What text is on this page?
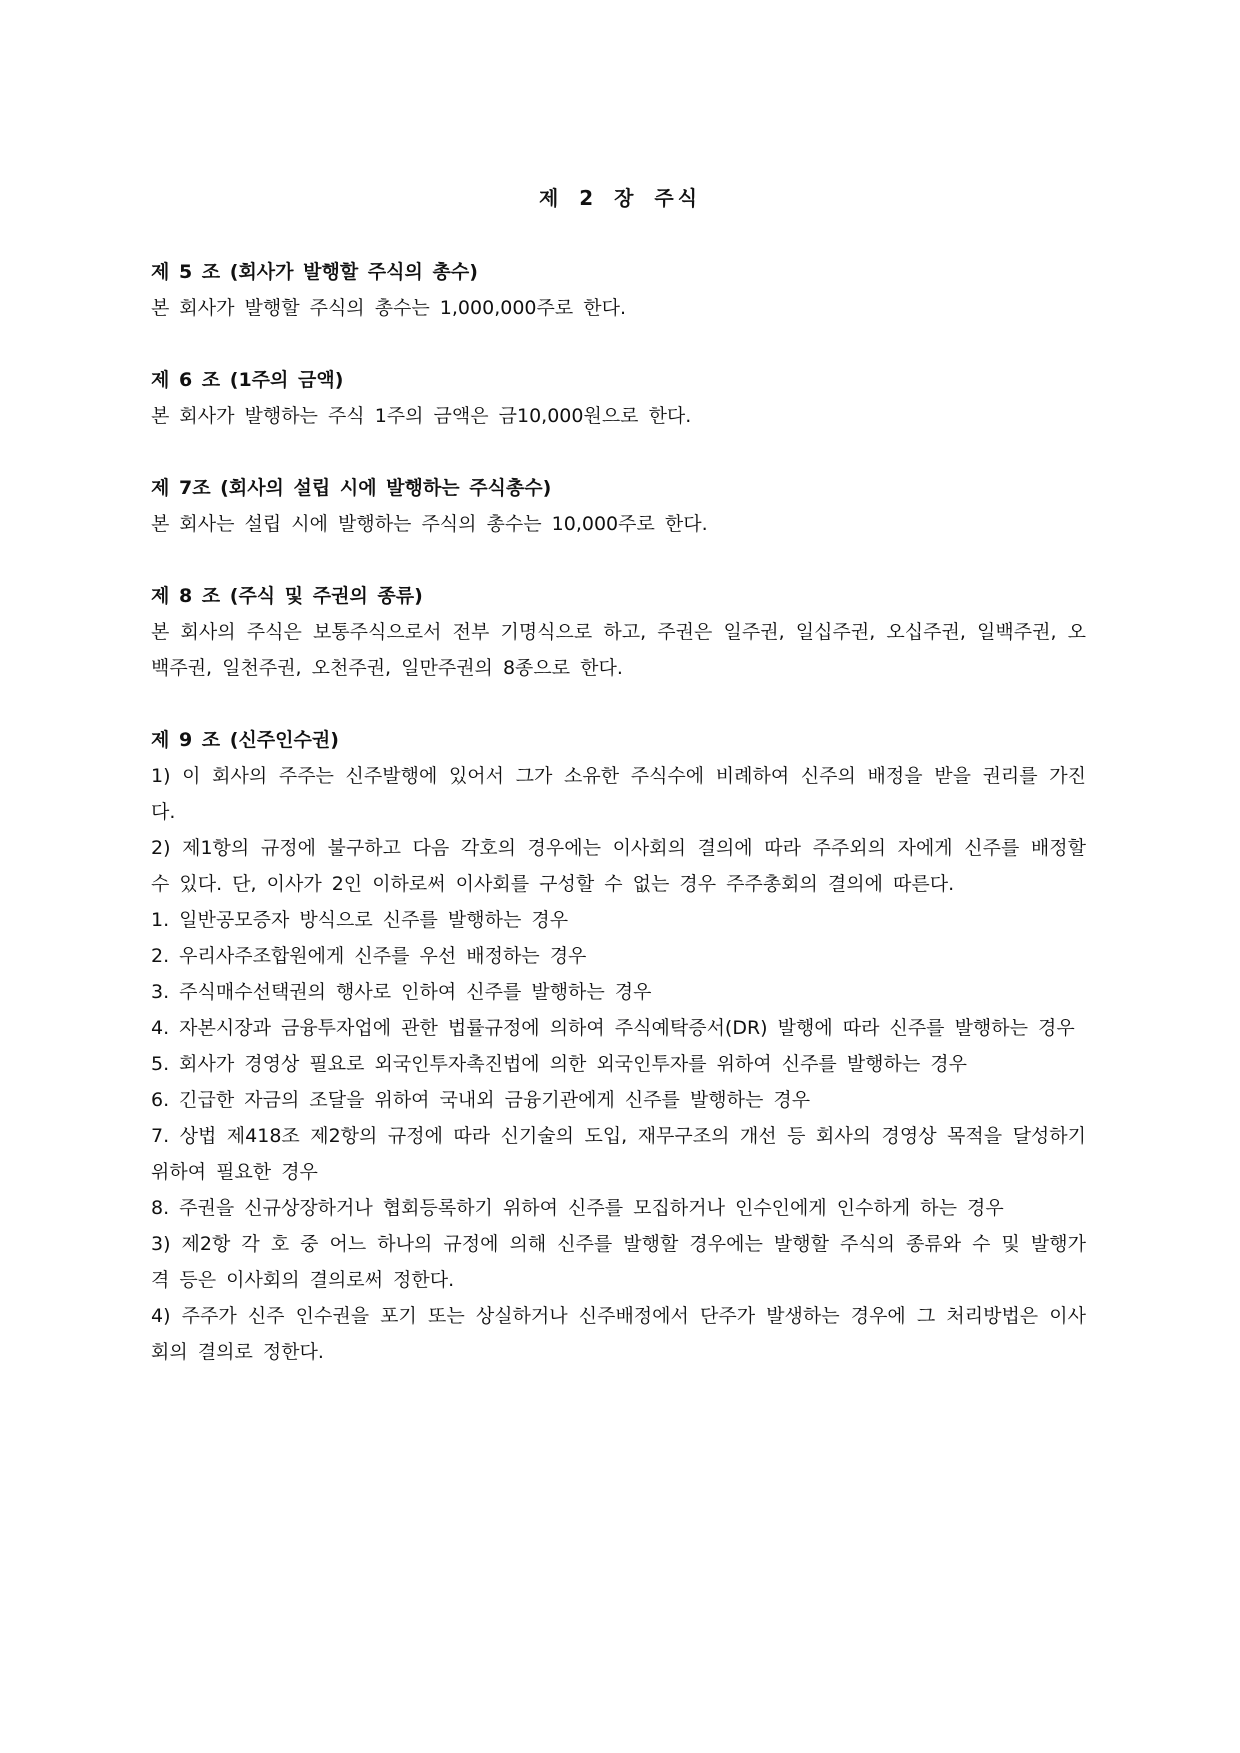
제 2 장 주식

제 5 조 (회사가 발행할 주식의 총수)

본 회사가 발행할 주식의 총수는 1,000,000주로 한다.

제 6 조 (1주의 금액)

본 회사가 발행하는 주식 1주의 금액은 금10,000원으로 한다.

제 7조 (회사의 설립 시에 발행하는 주식총수)

본 회사는 설립 시에 발행하는 주식의 총수는 10,000주로 한다.

제 8 조 (주식 및 주권의 종류)

본 회사의 주식은 보통주식으로서 전부 기명식으로 하고, 주권은 일주권, 일십주권, 오십주권, 일백주권, 오백주권, 일천주권, 오천주권, 일만주권의 8종으로 한다.

제 9 조 (신주인수권)

1) 이 회사의 주주는 신주발행에 있어서 그가 소유한 주식수에 비례하여 신주의 배정을 받을 권리를 가진다.

2) 제1항의 규정에 불구하고 다음 각호의 경우에는 이사회의 결의에 따라 주주외의 자에게 신주를 배정할 수 있다. 단, 이사가 2인 이하로써 이사회를 구성할 수 없는 경우 주주총회의 결의에 따른다.

1. 일반공모증자 방식으로 신주를 발행하는 경우
2. 우리사주조합원에게 신주를 우선 배정하는 경우
3. 주식매수선택권의 행사로 인하여 신주를 발행하는 경우
4. 자본시장과 금융투자업에 관한 법률규정에 의하여 주식예탁증서(DR) 발행에 따라 신주를 발행하는 경우
5. 회사가 경영상 필요로 외국인투자촉진법에 의한 외국인투자를 위하여 신주를 발행하는 경우
6. 긴급한 자금의 조달을 위하여 국내외 금융기관에게 신주를 발행하는 경우
7. 상법 제418조 제2항의 규정에 따라 신기술의 도입, 재무구조의 개선 등 회사의 경영상 목적을 달성하기 위하여 필요한 경우
8. 주권을 신규상장하거나 협회등록하기 위하여 신주를 모집하거나 인수인에게 인수하게 하는 경우

3) 제2항 각 호 중 어느 하나의 규정에 의해 신주를 발행할 경우에는 발행할 주식의 종류와 수 및 발행가격 등은 이사회의 결의로써 정한다.

4) 주주가 신주 인수권을 포기 또는 상실하거나 신주배정에서 단주가 발생하는 경우에 그 처리방법은 이사회의 결의로 정한다.
